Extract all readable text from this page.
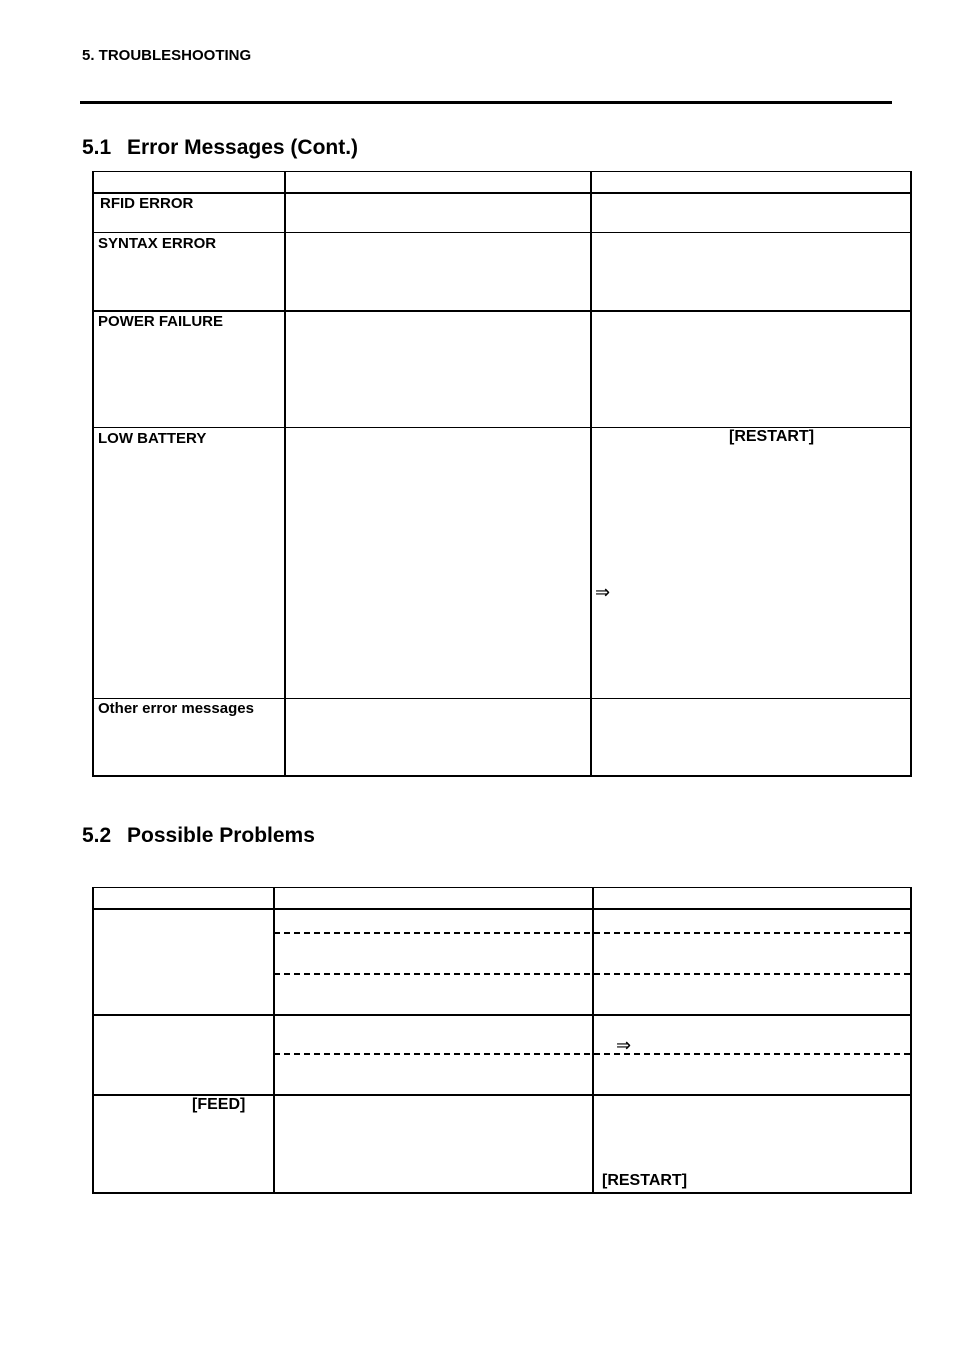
5. TROUBLESHOOTING
5.1 Error Messages (Cont.)
RFID ERROR
SYNTAX ERROR
POWER FAILURE
LOW BATTERY	[RESTART]
⇒
Other error messages
5.2 Possible Problems
⇒
[FEED]
[RESTART]
